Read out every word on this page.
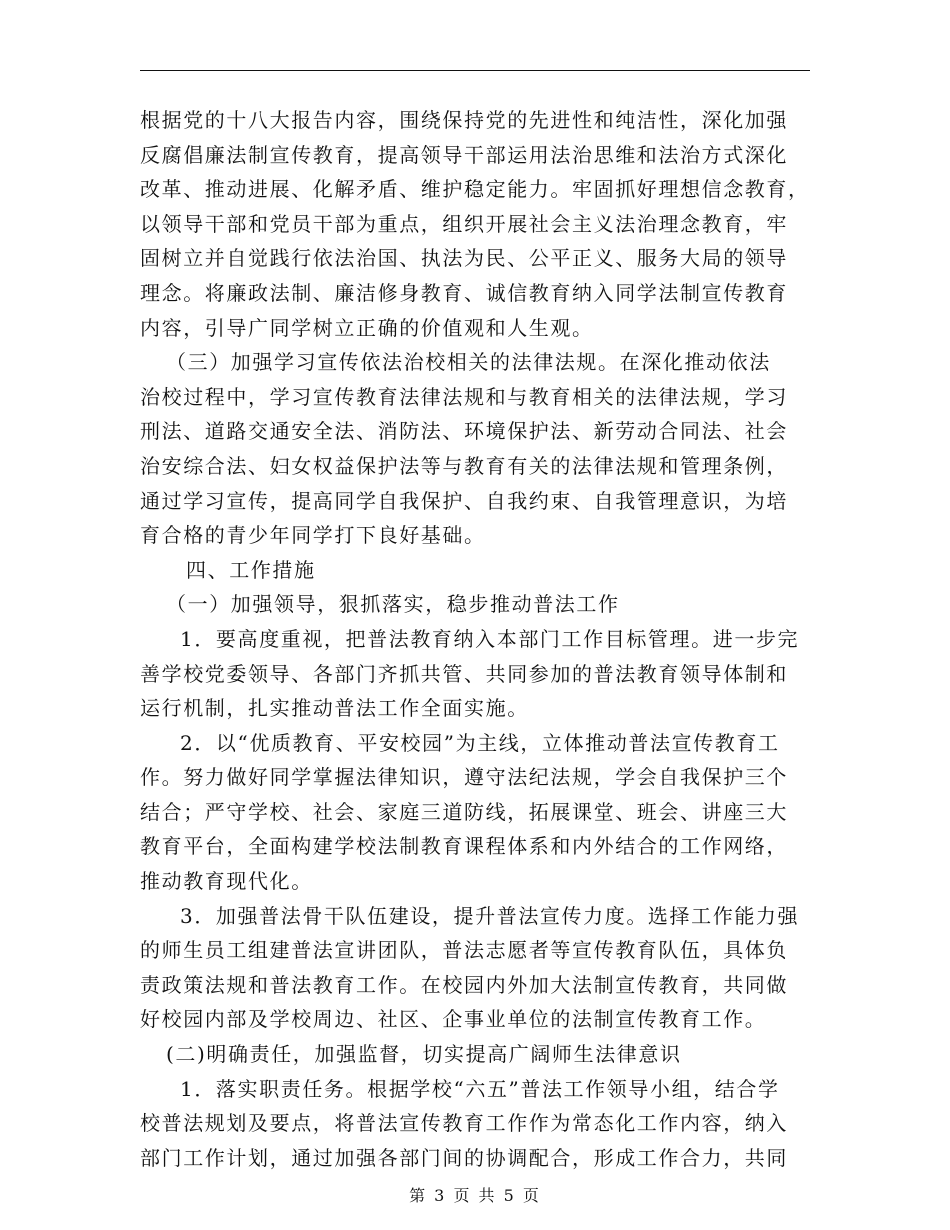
根据党的十八大报告内容，围绕保持党的先进性和纯洁性，深化加强
反腐倡廉法制宣传教育，提高领导干部运用法治思维和法治方式深化
改革、推动进展、化解矛盾、维护稳定能力。牢固抓好理想信念教育，
以领导干部和党员干部为重点，组织开展社会主义法治理念教育，牢
固树立并自觉践行依法治国、执法为民、公平正义、服务大局的领导
理念。将廉政法制、廉洁修身教育、诚信教育纳入同学法制宣传教育
内容，引导广同学树立正确的价值观和人生观。
（三）加强学习宣传依法治校相关的法律法规。在深化推动依法
治校过程中，学习宣传教育法律法规和与教育相关的法律法规，学习
刑法、道路交通安全法、消防法、环境保护法、新劳动合同法、社会
治安综合法、妇女权益保护法等与教育有关的法律法规和管理条例，
通过学习宣传，提高同学自我保护、自我约束、自我管理意识，为培
育合格的青少年同学打下良好基础。
四、工作措施
（一）加强领导，狠抓落实，稳步推动普法工作
1．要高度重视，把普法教育纳入本部门工作目标管理。进一步完
善学校党委领导、各部门齐抓共管、共同参加的普法教育领导体制和
运行机制，扎实推动普法工作全面实施。
2．以“优质教育、平安校园”为主线，立体推动普法宣传教育工
作。努力做好同学掌握法律知识，遵守法纪法规，学会自我保护三个
结合；严守学校、社会、家庭三道防线，拓展课堂、班会、讲座三大
教育平台，全面构建学校法制教育课程体系和内外结合的工作网络，
推动教育现代化。
3．加强普法骨干队伍建设，提升普法宣传力度。选择工作能力强
的师生员工组建普法宣讲团队，普法志愿者等宣传教育队伍，具体负
责政策法规和普法教育工作。在校园内外加大法制宣传教育，共同做
好校园内部及学校周边、社区、企事业单位的法制宣传教育工作。
(二)明确责任，加强监督，切实提高广阔师生法律意识
1．落实职责任务。根据学校“六五”普法工作领导小组，结合学
校普法规划及要点，将普法宣传教育工作作为常态化工作内容，纳入
部门工作计划，通过加强各部门间的协调配合，形成工作合力，共同
第 3 页 共 5 页
